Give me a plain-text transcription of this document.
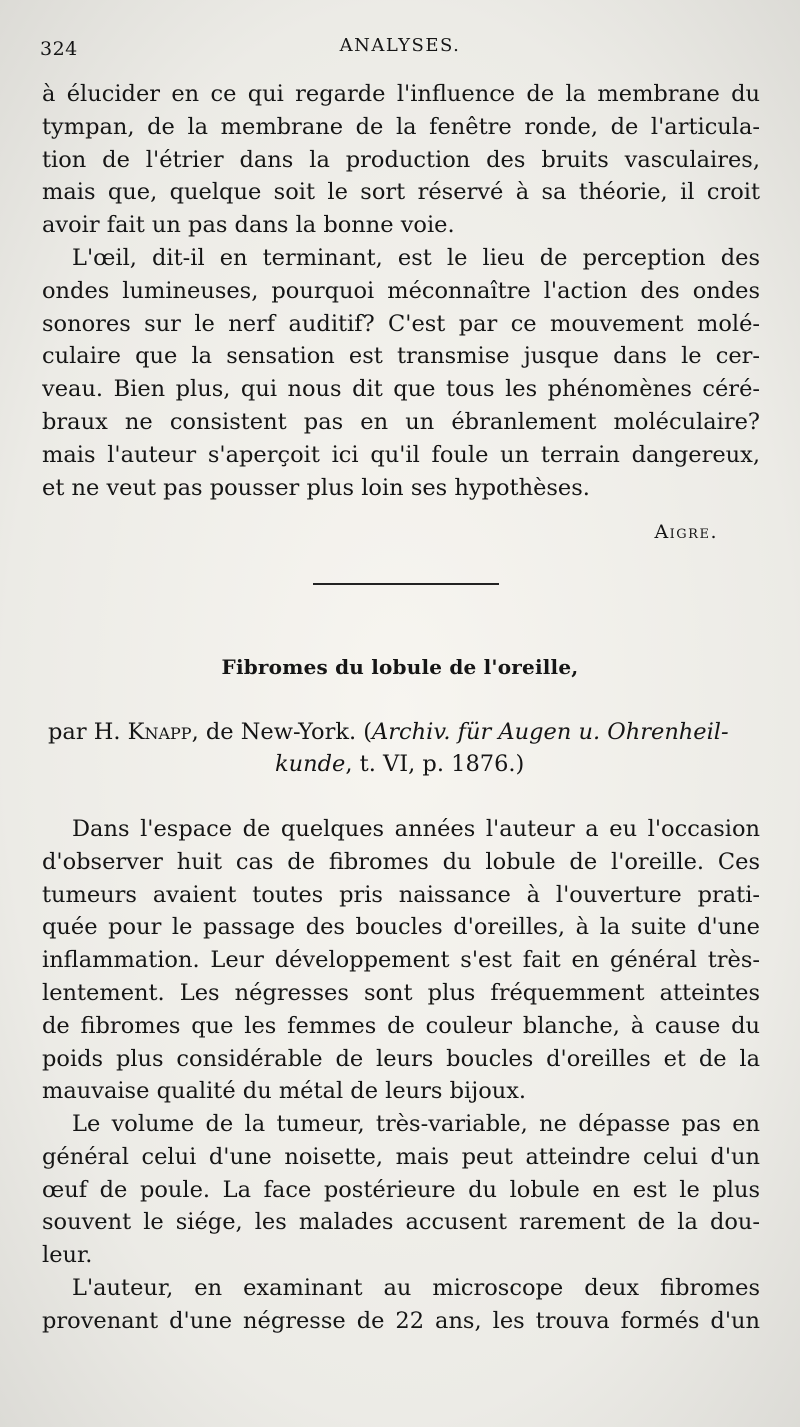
324	ANALYSES.
à élucider en ce qui regarde l'influence de la membrane du
tympan, de la membrane de la fenêtre ronde, de l'articula-
tion de l'étrier dans la production des bruits vasculaires,
mais que, quelque soit le sort réservé à sa théorie, il croit
avoir fait un pas dans la bonne voie.
L'œil, dit-il en terminant, est le lieu de perception des
ondes lumineuses, pourquoi méconnaître l'action des ondes
sonores sur le nerf auditif? C'est par ce mouvement molé-
culaire que la sensation est transmise jusque dans le cer-
veau. Bien plus, qui nous dit que tous les phénomènes céré-
braux ne consistent pas en un ébranlement moléculaire?
mais l'auteur s'aperçoit ici qu'il foule un terrain dangereux,
et ne veut pas pousser plus loin ses hypothèses.
Aigre.
Fibromes du lobule de l'oreille,
par H. Knapp, de New-York. (Archiv. für Augen u. Ohrenheil-
kunde, t. VI, p. 1876.)
Dans l'espace de quelques années l'auteur a eu l'occasion
d'observer huit cas de fibromes du lobule de l'oreille. Ces
tumeurs avaient toutes pris naissance à l'ouverture prati-
quée pour le passage des boucles d'oreilles, à la suite d'une
inflammation. Leur développement s'est fait en général très-
lentement. Les négresses sont plus fréquemment atteintes
de fibromes que les femmes de couleur blanche, à cause du
poids plus considérable de leurs boucles d'oreilles et de la
mauvaise qualité du métal de leurs bijoux.
Le volume de la tumeur, très-variable, ne dépasse pas en
général celui d'une noisette, mais peut atteindre celui d'un
œuf de poule. La face postérieure du lobule en est le plus
souvent le siége, les malades accusent rarement de la dou-
leur.
L'auteur, en examinant au microscope deux fibromes
provenant d'une négresse de 22 ans, les trouva formés d'un
